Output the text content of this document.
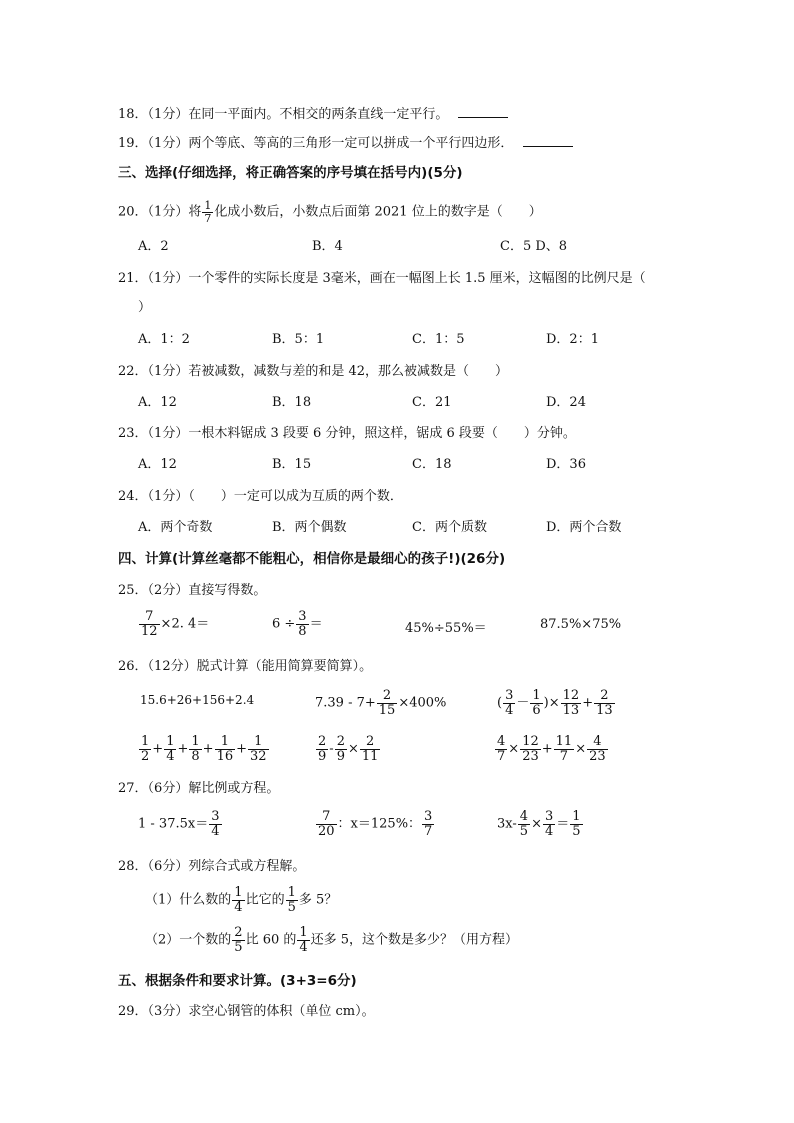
18．（1分）在同一平面内。不相交的两条直线一定平行。
19．（1分）两个等底、等高的三角形一定可以拼成一个平行四边形．
三、选择(仔细选择，将正确答案的序号填在括号内)(5分)
20．（1分）将 $\frac{1}{7}$ 化成小数后，小数点后面第 2021 位上的数字是（　　）
A．2	B．4	C．5 D、8
21．（1分）一个零件的实际长度是 3毫米，画在一幅图上长 1.5 厘米，这幅图的比例尺是（
）
A．1：2	B．5：1	C．1：5	D．2：1
22．（1分）若被减数，减数与差的和是 42，那么被减数是（　　）
A．12	B．18	C．21	D．24
23．（1分）一根木料锯成 3 段要 6 分钟，照这样，锯成 6 段要（　　）分钟。
A．12	B．15	C．18	D．36
24．（1分）（　　）一定可以成为互质的两个数．
A．两个奇数	B．两个偶数	C．两个质数	D．两个合数
四、计算(计算丝毫都不能粗心，相信你是最细心的孩子!)(26分)
25．（2分）直接写得数。
$\frac{7}{12} \times 2$. 4＝	$6 \div \frac{3}{8}$ ＝	45%÷55%＝	87.5%×75%
26．（12分）脱式计算（能用简算要简算）。
15.6+26+156+2.4	$7.39 - 7+ \frac{2}{15} \times 400\%$	( $\frac{3}{4} - \frac{1}{6}$ )× $\frac{12}{13} + \frac{2}{13}$
$\frac{1}{2} + \frac{1}{4} + \frac{1}{8} + \frac{1}{16} + \frac{1}{32}$	$\frac{2}{9} - \frac{2}{9} \times \frac{2}{11}$	$\frac{4}{7} \times \frac{12}{23} + \frac{11}{7} \times \frac{4}{23}$
27．（6分）解比例或方程。
$1 - 37.5x= \frac{3}{4}$	$\frac{7}{20}$ ：x＝125%： $\frac{3}{7}$	$3x- \frac{4}{5} \times \frac{3}{4} = \frac{1}{5}$
28．（6分）列综合式或方程解。
（1）什么数的 $\frac{1}{4}$ 比它的 $\frac{1}{5}$ 多 5？
（2）一个数的 $\frac{2}{5}$ 比 60 的 $\frac{1}{4}$ 还多 5，这个数是多少？（用方程）
五、根据条件和要求计算。(3+3=6分)
29．（3分）求空心钢管的体积（单位 cm）。
